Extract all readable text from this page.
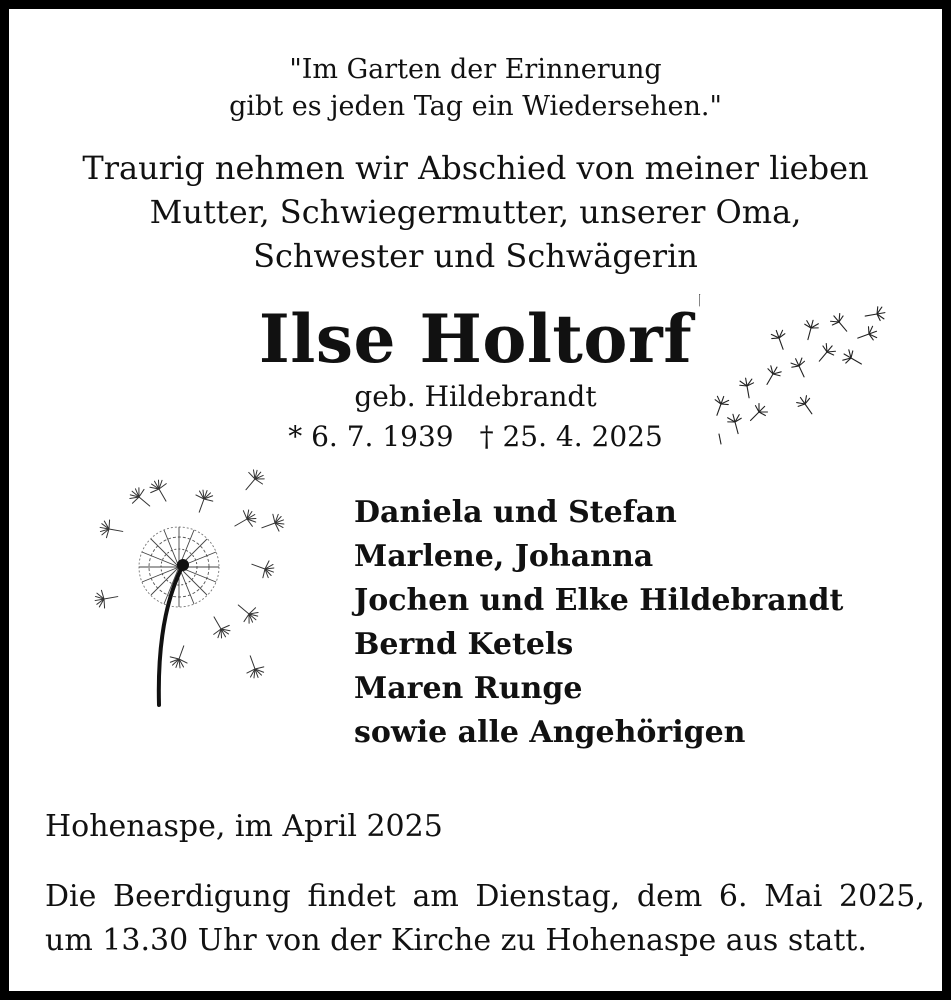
"Im Garten der Erinnerung
gibt es jeden Tag ein Wiedersehen."
Traurig nehmen wir Abschied von meiner lieben
Mutter, Schwiegermutter, unserer Oma,
Schwester und Schwägerin
Ilse Holtorf
geb. Hildebrandt
* 6. 7. 1939 † 25. 4. 2025
Daniela und Stefan
Marlene, Johanna
Jochen und Elke Hildebrandt
Bernd Ketels
Maren Runge
sowie alle Angehörigen
Hohenaspe, im April 2025
Die Beerdigung findet am Dienstag, dem 6. Mai 2025,
um 13.30 Uhr von der Kirche zu Hohenaspe aus statt.
